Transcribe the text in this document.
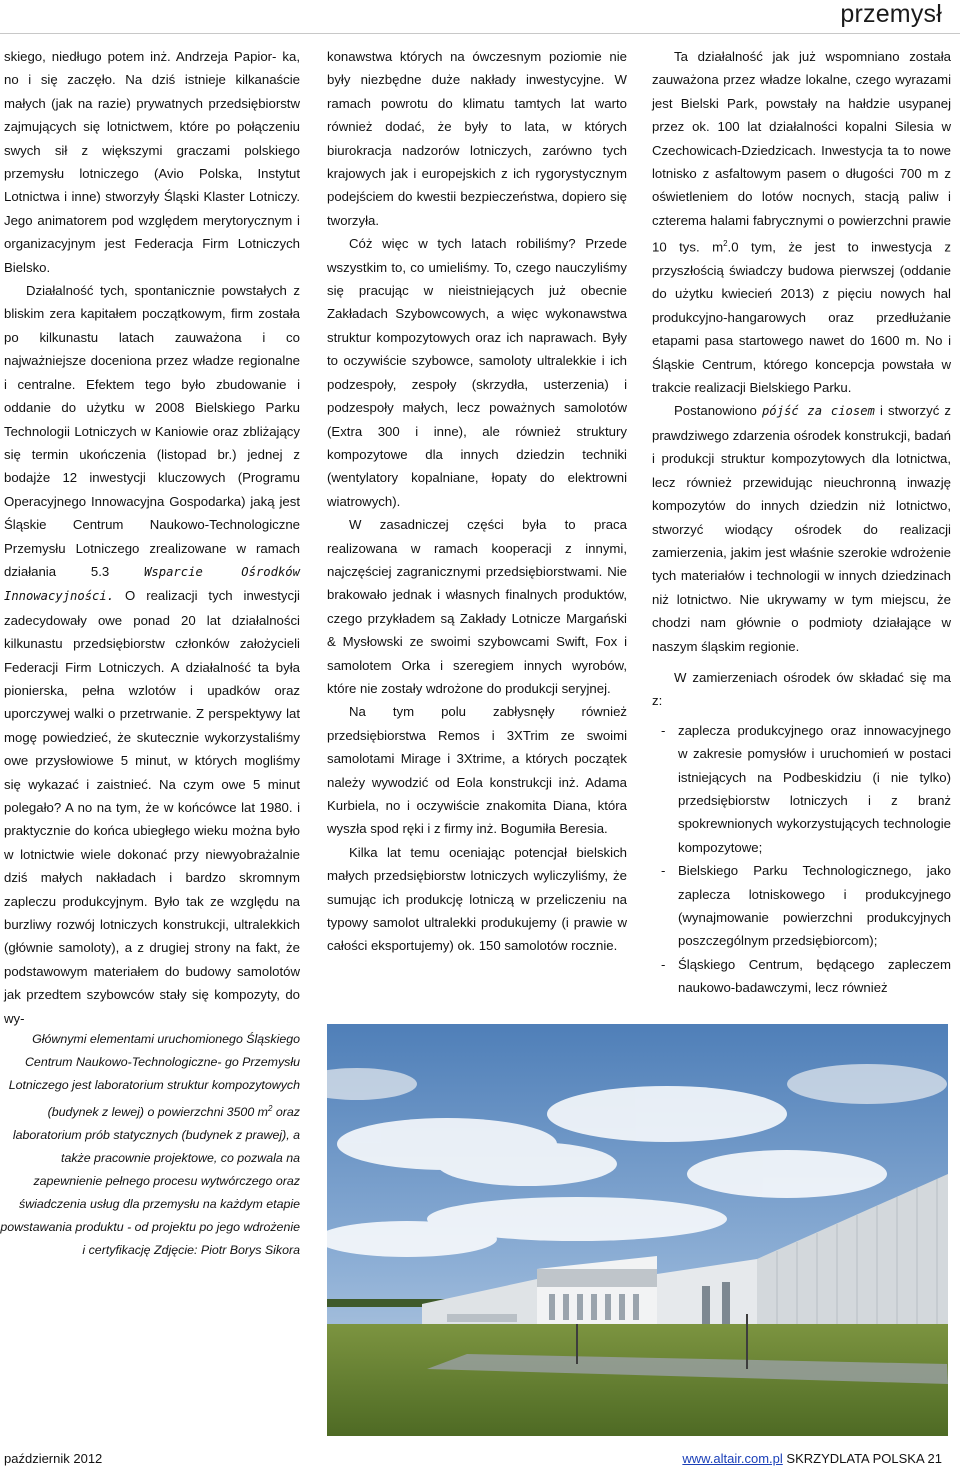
przemysł

skiego, niedługo potem inż. Andrzeja Papior- ka, no i się zaczęło. Na dziś istnieje kilkanaście małych (jak na razie) prywatnych przedsiębiorstw zajmujących się lotnictwem, które po połączeniu swych sił z większymi graczami polskiego przemysłu lotniczego (Avio Polska, Instytut Lotnictwa i inne) stworzyły Śląski Klaster Lotniczy. Jego animatorem pod względem merytorycznym i organizacyjnym jest Federacja Firm Lotniczych Bielsko.

Działalność tych, spontanicznie powstałych z bliskim zera kapitałem początkowym, firm została po kilkunastu latach zauważona i co najważniejsze doceniona przez władze regionalne i centralne. Efektem tego było zbudowanie i oddanie do użytku w 2008 Bielskiego Parku Technologii Lotniczych w Kaniowie oraz zbliżający się termin ukończenia (listopad br.) jednej z bodajże 12 inwestycji kluczowych (Programu Operacyjnego Innowacyjna Gospodarka) jaką jest Śląskie Centrum Naukowo-Technologiczne Przemysłu Lotniczego zrealizowane w ramach działania 5.3	Wsparcie Ośrodków Innowacyjności. O realizacji tych inwestycji zadecydowały owe ponad 20 lat działalności kilkunastu przedsiębiorstw członków założycieli Federacji Firm Lotniczych. A działalność ta była pionierska, pełna wzlotów i upadków oraz uporczywej walki o przetrwanie. Z perspektywy lat mogę powiedzieć, że skutecznie wykorzystaliśmy owe przysłowiowe 5 minut, w których mogliśmy się wykazać i zaistnieć. Na czym owe 5 minut polegało? A no na tym, że w końcówce lat 1980. i praktycznie do końca ubiegłego wieku można było w lotnictwie wiele dokonać przy niewyobrażalnie dziś małych nakładach i bardzo skromnym zapleczu produkcyjnym. Było tak ze względu na burzliwy rozwój lotniczych konstrukcji, ultralekkich (głównie samoloty), a z drugiej strony na fakt, że podstawowym materiałem do budowy samolotów jak przedtem szybowców stały się kompozyty, do wy-

konawstwa których na ówczesnym poziomie nie były niezbędne duże nakłady inwestycyjne. W ramach powrotu do klimatu tamtych lat warto również dodać, że były to lata, w których biurokracja nadzorów lotniczych, zarówno tych krajowych jak i europejskich z ich rygorystycznym podejściem do kwestii bezpieczeństwa, dopiero się tworzyła.

Cóż więc w tych latach robiliśmy? Przede wszystkim to, co umieliśmy. To, czego nauczyliśmy się pracując w nieistniejących już obecnie Zakładach Szybowcowych, a więc wykonawstwa struktur kompozytowych oraz ich naprawach. Były to oczywiście szybowce, samoloty ultralekkie i ich podzespoły, zespoły (skrzydła, usterzenia) i podzespoły małych, lecz poważnych samolotów (Extra 300 i inne), ale również struktury kompozytowe dla innych dziedzin techniki (wentylatory kopalniane, łopaty do elektrowni wiatrowych).

W zasadniczej części była to praca realizowana w ramach kooperacji z innymi, najczęściej zagranicznymi przedsiębiorstwami. Nie brakowało jednak i własnych finalnych produktów, czego przykładem są Zakłady Lotnicze Margański & Mysłowski ze swoimi szybowcami Swift, Fox i samolotem Orka i szeregiem innych wyrobów, które nie zostały wdrożone do produkcji seryjnej.

Na tym polu zabłysnęły również przedsiębiorstwa Remos i 3XTrim ze swoimi samolotami Mirage i 3Xtrime, a których początek należy wywodzić od Eola konstrukcji inż. Adama Kurbiela, no i oczywiście znakomita Diana, która wyszła spod ręki i z firmy inż. Bogumiła Beresia.

Kilka lat temu oceniając potencjał bielskich małych przedsiębiorstw lotniczych wyliczyliśmy, że sumując ich produkcję lotniczą w przeliczeniu na typowy samolot ultralekki produkujemy (i prawie w całości eksportujemy) ok. 150 samolotów rocznie.

Ta działalność jak już wspomniano została zauważona przez władze lokalne, czego wyrazami jest Bielski Park, powstały na hałdzie usypanej przez ok. 100 lat działalności kopalni Silesia w Czechowicach-Dziedzicach. Inwestycja ta to nowe lotnisko z asfaltowym pasem o długości 700 m z oświetleniem do lotów nocnych, stacją paliw i czterema halami fabrycznymi o powierzchni prawie 10 tys. $m^2.0$ tym, że jest to inwestycja z przyszłością świadczy budowa pierwszej (oddanie do użytku kwiecień 2013) z pięciu nowych hal produkcyjno-hangarowych oraz przedłużanie etapami pasa startowego nawet do 1600 m. No i Śląskie Centrum, którego koncepcja powstała w trakcie realizacji Bielskiego Parku.

Postanowiono pójść za ciosem i stworzyć z prawdziwego zdarzenia ośrodek konstrukcji, badań i produkcji struktur kompozytowych dla lotnictwa, lecz również przewidując nieuchronną inwazję kompozytów do innych dziedzin niż lotnictwo, stworzyć wiodący ośrodek do realizacji zamierzenia, jakim jest właśnie szerokie wdrożenie tych materiałów i technologii w innych dziedzinach niż lotnictwo. Nie ukrywamy w tym miejscu, że chodzi nam głównie o podmioty działające w naszym śląskim regionie.

W zamierzeniach ośrodek ów składać się ma z:

- zaplecza produkcyjnego oraz innowacyjnego w zakresie pomysłów i uruchomień w postaci istniejących na Podbeskidziu (i nie tylko) przedsiębiorstw lotniczych i z branż spokrewnionych wykorzystujących technologie kompozytowe;
- Bielskiego Parku Technologicznego, jako zaplecza lotniskowego i produkcyjnego (wynajmowanie powierzchni produkcyjnych poszczególnym przedsiębiorcom);
- Śląskiego Centrum, będącego zapleczem naukowo-badawczymi, lecz również
Głównymi elementami uruchomionego Śląskiego Centrum Naukowo-Technologiczne- go Przemysłu Lotniczego jest laboratorium struktur kompozytowych (budynek z lewej) o powierzchni 3500 $m^2$ oraz laboratorium prób statycznych (budynek z prawej), a także pracownie projektowe, co pozwala na zapewnienie pełnego procesu wytwórczego oraz świadczenia usług dla przemysłu na każdym etapie powstawania produktu - od projektu po jego wdrożenie i certyfikację Zdjęcie: Piotr Borys Sikora
październik 2012	www.altair.com.pl SKRZYDLATA POLSKA 21
